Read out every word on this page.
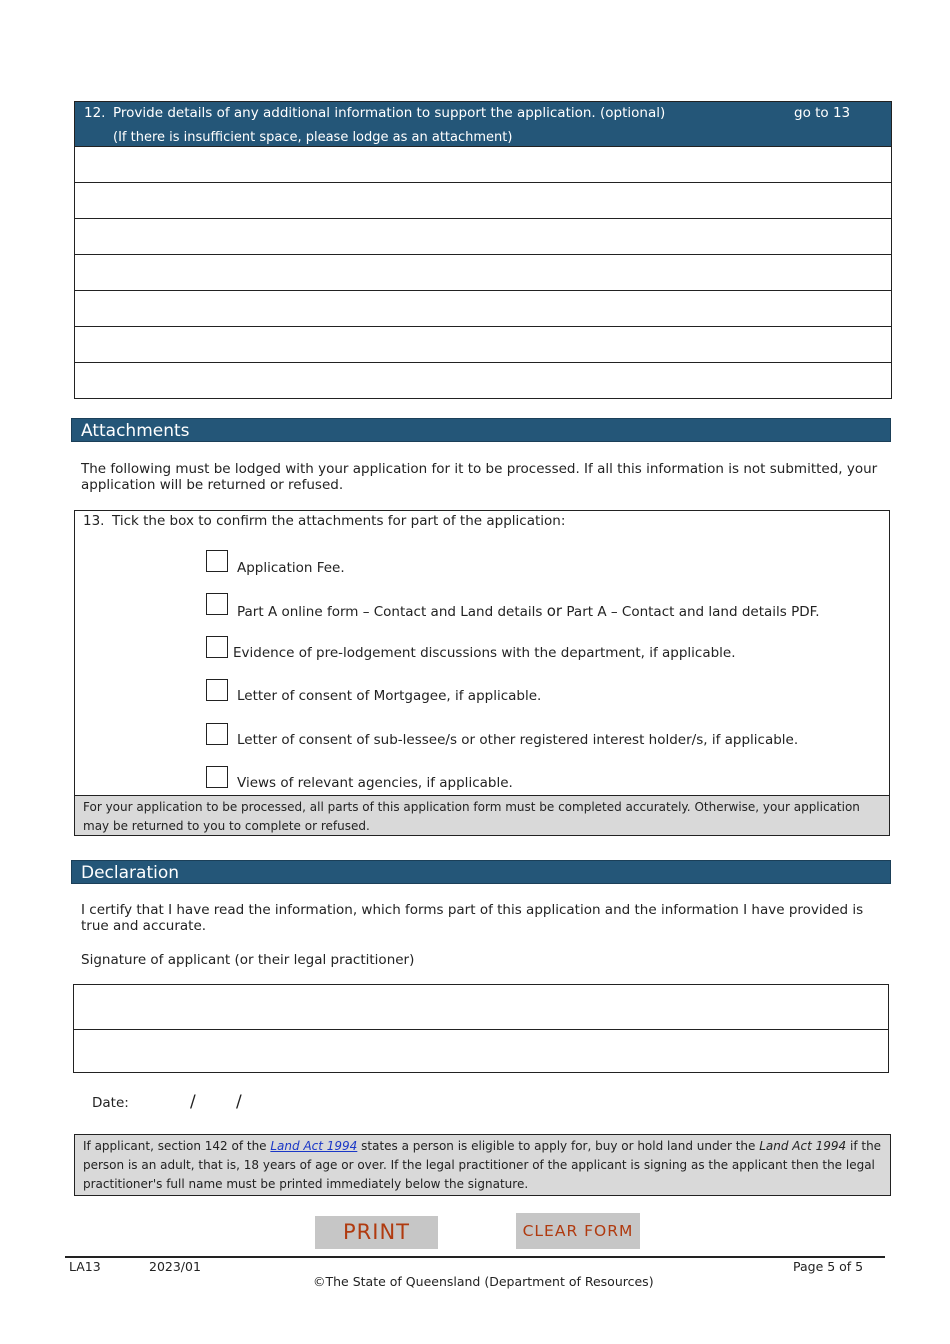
12. Provide details of any additional information to support the application. (optional)
(If there is insufficient space, please lodge as an attachment)
go to 13
Attachments
The following must be lodged with your application for it to be processed. If all this information is not submitted, your application will be returned or refused.
13. Tick the box to confirm the attachments for part of the application:
Application Fee.
Part A online form – Contact and Land details or Part A – Contact and land details PDF.
Evidence of pre-lodgement discussions with the department, if applicable.
Letter of consent of Mortgagee, if applicable.
Letter of consent of sub-lessee/s or other registered interest holder/s, if applicable.
Views of relevant agencies, if applicable.
For your application to be processed, all parts of this application form must be completed accurately. Otherwise, your application may be returned to you to complete or refused.
Declaration
I certify that I have read the information, which forms part of this application and the information I have provided is true and accurate.
Signature of applicant (or their legal practitioner)
Date:	/ /
If applicant, section 142 of the Land Act 1994 states a person is eligible to apply for, buy or hold land under the Land Act 1994 if the person is an adult, that is, 18 years of age or over. If the legal practitioner of the applicant is signing as the applicant then the legal practitioner's full name must be printed immediately below the signature.
PRINT	CLEAR FORM
LA13	2023/01	Page 5 of 5
©The State of Queensland (Department of Resources)
